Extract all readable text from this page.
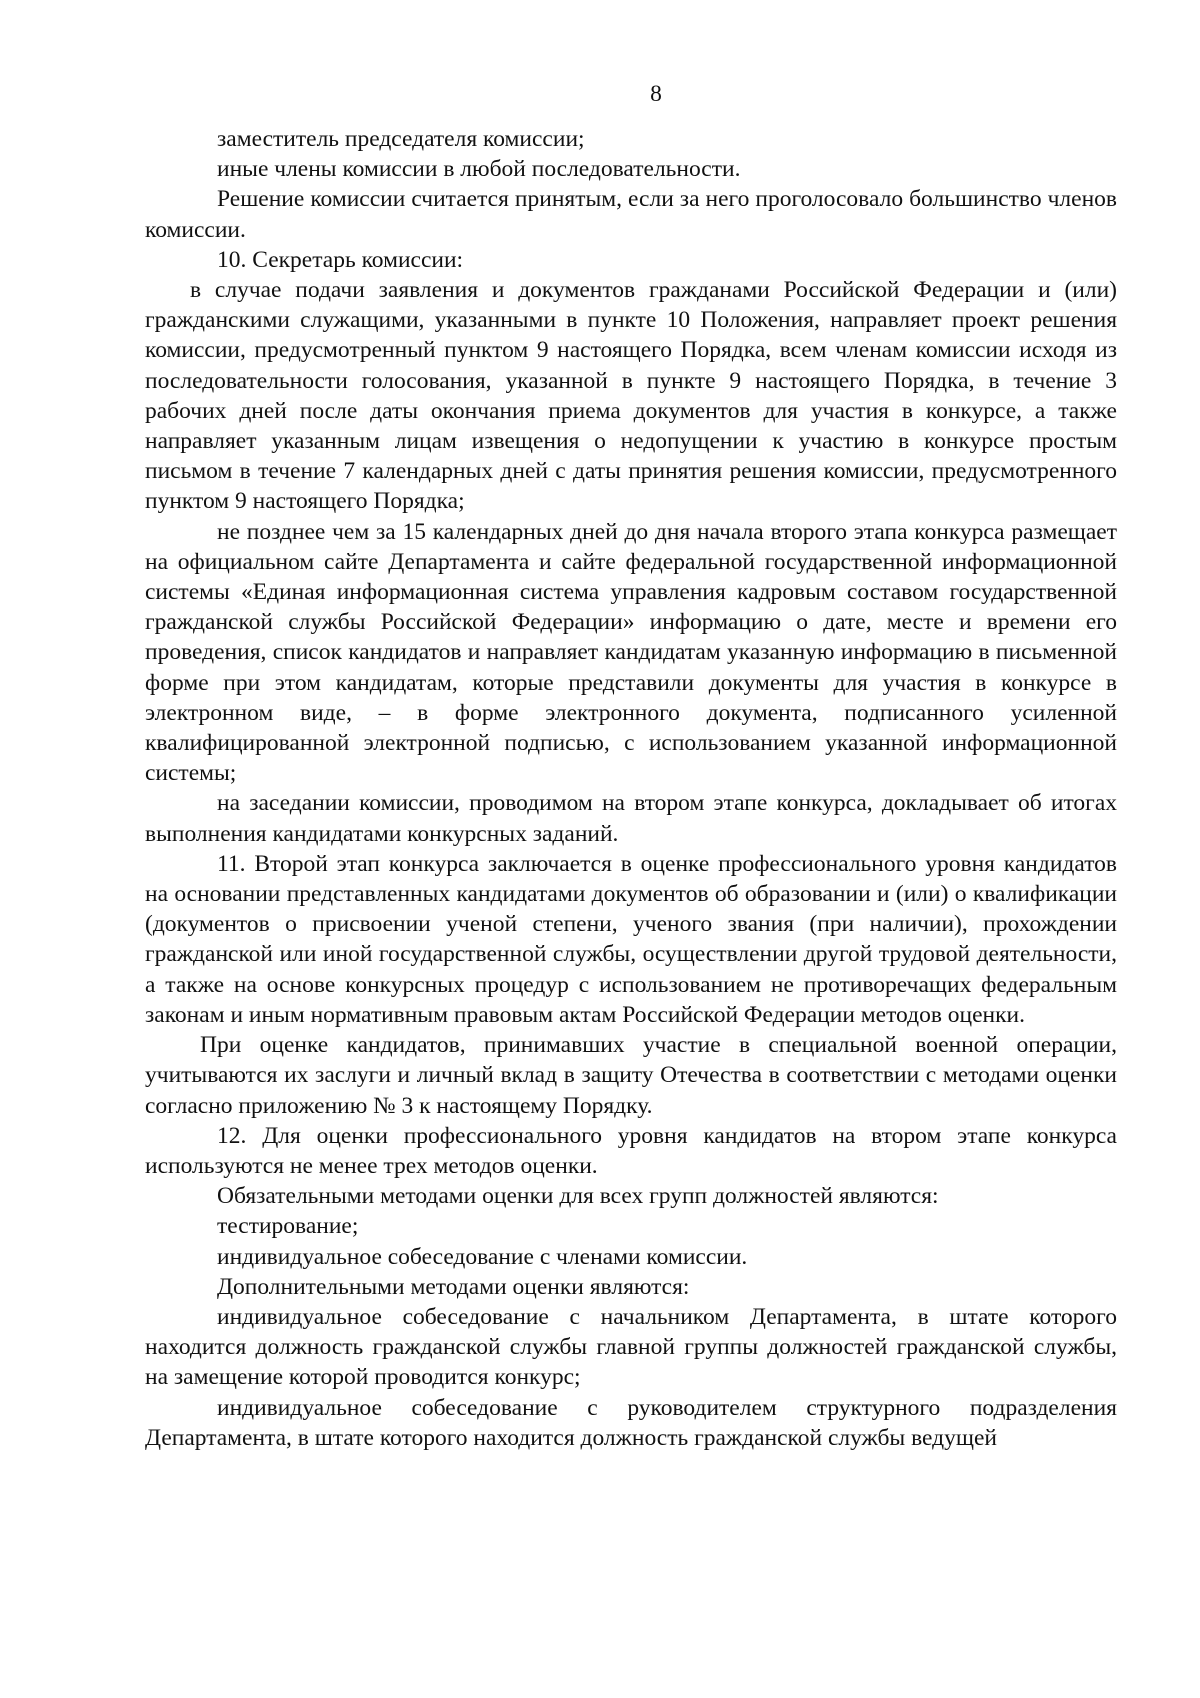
8

заместитель председателя комиссии;

иные члены комиссии в любой последовательности.

Решение комиссии считается принятым, если за него проголосовало большинство членов комиссии.

10. Секретарь комиссии:

в случае подачи заявления и документов гражданами Российской Федерации и (или) гражданскими служащими, указанными в пункте 10 Положения, направляет проект решения комиссии, предусмотренный пунктом 9 настоящего Порядка, всем членам комиссии исходя из последовательности голосования, указанной в пункте 9 настоящего Порядка, в течение 3 рабочих дней после даты окончания приема документов для участия в конкурсе, а также направляет указанным лицам извещения о недопущении к участию в конкурсе простым письмом в течение 7 календарных дней с даты принятия решения комиссии, предусмотренного пунктом 9 настоящего Порядка;

не позднее чем за 15 календарных дней до дня начала второго этапа конкурса размещает на официальном сайте Департамента и сайте федеральной государственной информационной системы «Единая информационная система управления кадровым составом государственной гражданской службы Российской Федерации» информацию о дате, месте и времени его проведения, список кандидатов и направляет кандидатам указанную информацию в письменной форме при этом кандидатам, которые представили документы для участия в конкурсе в электронном виде, – в форме электронного документа, подписанного усиленной квалифицированной электронной подписью, с использованием указанной информационной системы;

на заседании комиссии, проводимом на втором этапе конкурса, докладывает об итогах выполнения кандидатами конкурсных заданий.

11. Второй этап конкурса заключается в оценке профессионального уровня кандидатов на основании представленных кандидатами документов об образовании и (или) о квалификации (документов о присвоении ученой степени, ученого звания (при наличии), прохождении гражданской или иной государственной службы, осуществлении другой трудовой деятельности, а также на основе конкурсных процедур с использованием не противоречащих федеральным законам и иным нормативным правовым актам Российской Федерации методов оценки.

При оценке кандидатов, принимавших участие в специальной военной операции, учитываются их заслуги и личный вклад в защиту Отечества в соответствии с методами оценки согласно приложению № 3 к настоящему Порядку.

12. Для оценки профессионального уровня кандидатов на втором этапе конкурса используются не менее трех методов оценки.

Обязательными методами оценки для всех групп должностей являются:

тестирование;

индивидуальное собеседование с членами комиссии.

Дополнительными методами оценки являются:

индивидуальное собеседование с начальником Департамента, в штате которого находится должность гражданской службы главной группы должностей гражданской службы, на замещение которой проводится конкурс;

индивидуальное собеседование с руководителем структурного подразделения Департамента, в штате которого находится должность гражданской службы ведущей
